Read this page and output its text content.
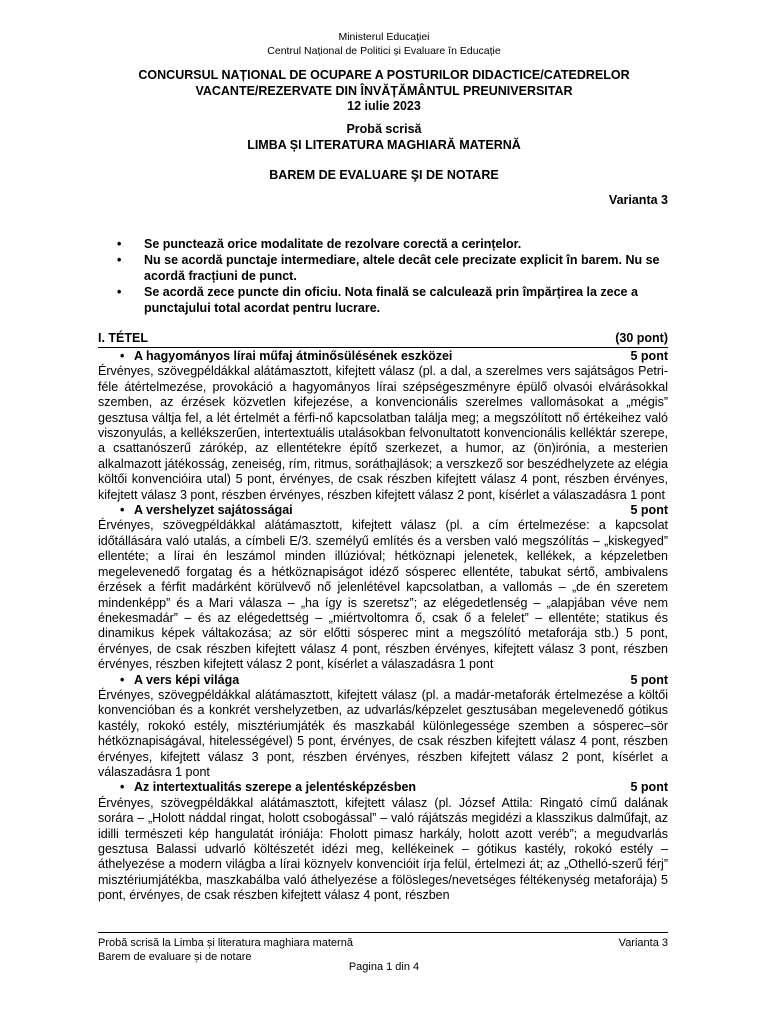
Ministerul Educației
Centrul Național de Politici și Evaluare în Educație
CONCURSUL NAȚIONAL DE OCUPARE A POSTURILOR DIDACTICE/CATEDRELOR
VACANTE/REZERVATE DIN ÎNVĂȚĂMÂNTUL PREUNIVERSITAR
12 iulie 2023
Probă scrisă
LIMBA ȘI LITERATURA MAGHIARĂ MATERNĂ
BAREM DE EVALUARE ŞI DE NOTARE
Varianta 3
• Se punctează orice modalitate de rezolvare corectă a cerințelor.
• Nu se acordă punctaje intermediare, altele decât cele precizate explicit în barem. Nu se acordă fracțiuni de punct.
• Se acordă zece puncte din oficiu. Nota finală se calculează prin împărțirea la zece a punctajului total acordat pentru lucrare.
I. TÉTEL	(30 pont)
• A hagyományos lírai műfaj átminősülésének eszközei	5 pont
Érvényes, szövegpéldákkal alátámasztott, kifejtett válasz (pl. a dal, a szerelmes vers sajátságos Petri-féle átértelmezése, provokáció a hagyományos lírai szépségeszményre épülő olvasói elvárásokkal szemben, az érzések közvetlen kifejezése, a konvencionális szerelmes vallomásokat a „mégis” gesztusa váltja fel, a lét értelmét a férfi-nő kapcsolatban találja meg; a megszólított nő értékeihez való viszonyulás, a kellékszerűen, intertextuális utalásokban felvonultatott konvencionális kelléktár szerepe, a csattanószerű zárókép, az ellentétekre építő szerkezet, a humor, az (ön)irónia, a mesterien alkalmazott játékosság, zeneiség, rím, ritmus, sorátḥajlások; a verszkező sor beszédhelyzete az elégia költői konvencióira utal) 5 pont, érvényes, de csak részben kifejtett válasz 4 pont, részben érvényes, kifejtett válasz 3 pont, részben érvényes, részben kifejtett válasz 2 pont, kísérlet a válaszadásra 1 pont
• A vershelyzet sajátosságai	5 pont
Érvényes, szövegpéldákkal alátámasztott, kifejtett válasz (pl. a cím értelmezése: a kapcsolat időtállására való utalás, a címbeli E/3. személyű említés és a versben való megszólítás – „kiskegyed” ellentéte; a lírai én leszámol minden illúzióval; hétköznapi jelenetek, kellékek, a képzeletben megelevenedő forgatag és a hétköznapiságot idéző sósperec ellentéte, tabukat sértő, ambivalens érzések a férfit madárként körülvevő nő jelenlétével kapcsolatban, a vallomás – „de én szeretem mindenképp” és a Mari válasza – „ha így is szeretsz”; az elégedetlenség – „alapjában véve nem énekesmadár” – és az elégedettség – „miértvoltomra ő, csak ő a felelet” – ellentéte; statikus és dinamikus képek váltakozása; az sör előtti sósperec mint a megszólító metaforája stb.) 5 pont, érvényes, de csak részben kifejtett válasz 4 pont, részben érvényes, kifejtett válasz 3 pont, részben érvényes, részben kifejtett válasz 2 pont, kísérlet a válaszadásra 1 pont
• A vers képi világa	5 pont
Érvényes, szövegpéldákkal alátámasztott, kifejtett válasz (pl. a madár-metaforák értelmezése a költői konvencióban és a konkrét vershelyzetben, az udvarlás/képzelet gesztusában megelevenedő gótikus kastély, rokokó estély, misztériumjáték és maszkabál különlegessége szemben a sósperec–sör hétköznapiságával, hitelességével) 5 pont, érvényes, de csak részben kifejtett válasz 4 pont, részben érvényes, kifejtett válasz 3 pont, részben érvényes, részben kifejtett válasz 2 pont, kísérlet a válaszadásra 1 pont
• Az intertextualitás szerepe a jelentésképzésben	5 pont
Érvényes, szövegpéldákkal alátámasztott, kifejtett válasz (pl. József Attila: Ringató című dalának sorára – „Holott náddal ringat, holott csobogással” – való rájátszás megidézi a klasszikus dalműfajt, az idilli természeti kép hangulatát iróniája: Fholott pimasz harkály, holott azott veréb”; a megudvarlás gesztusa Balassi udvarló költészetét idézi meg, kellékeinek – gótikus kastély, rokokó estély – áthelyezése a modern világba a lírai köznyelv konvencióit írja felül, értelmezi át; az „Othelló-szerű férj” misztériumjátékba, maszkabálba való áthelyezése a fölösleges/nevetséges féltékenység metaforája) 5 pont, érvényes, de csak részben kifejtett válasz 4 pont, részben
Probă scrisă la Limba și literatura maghiara maternă	Varianta 3
Barem de evaluare și de notare
Pagina 1 din 4
